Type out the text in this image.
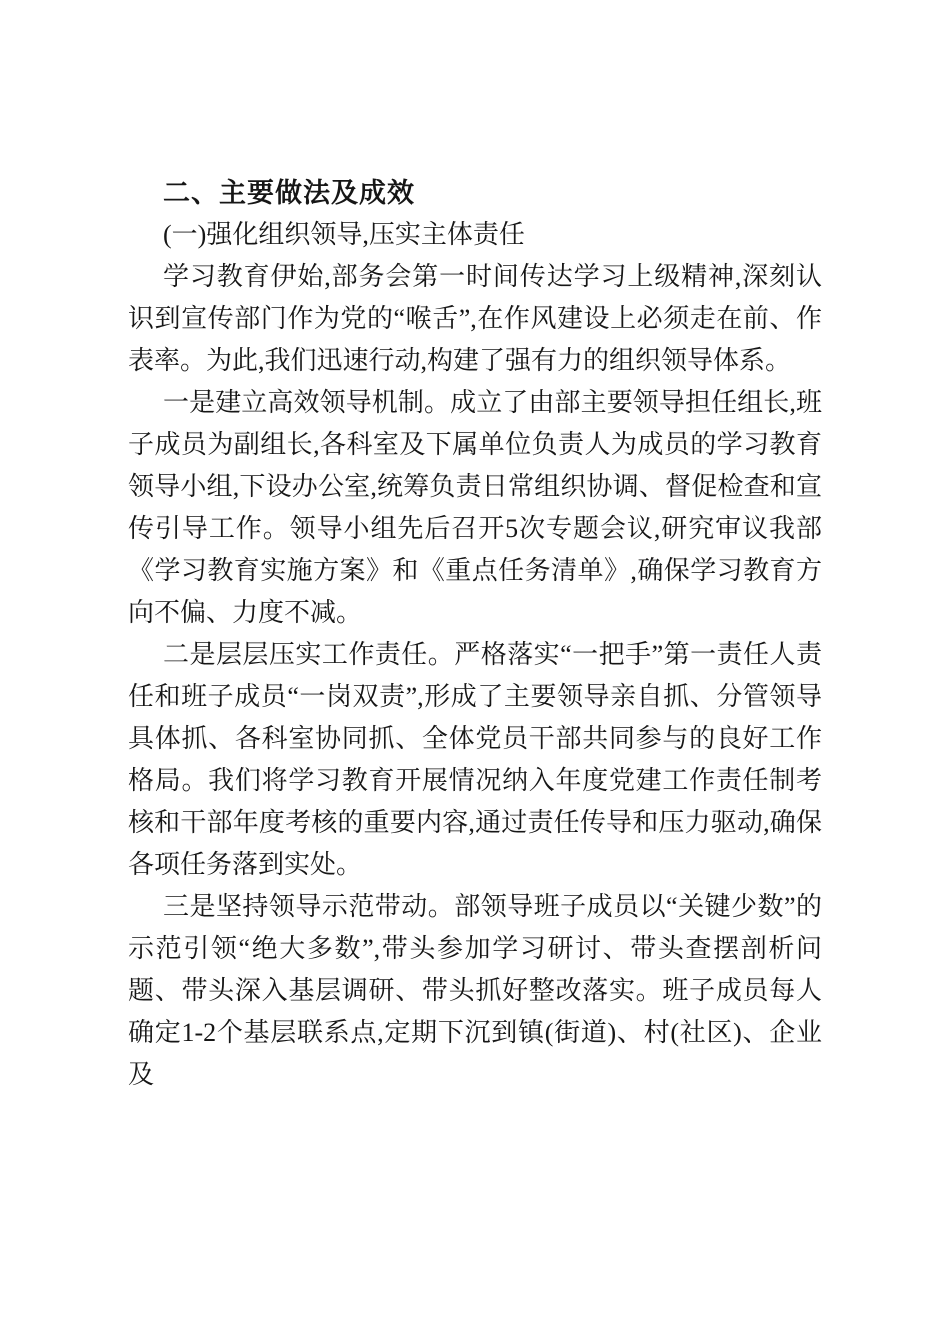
二、主要做法及成效
(一)强化组织领导,压实主体责任

学习教育伊始,部务会第一时间传达学习上级精神,深刻认识到宣传部门作为党的“喉舌”,在作风建设上必须走在前、作表率。为此,我们迅速行动,构建了强有力的组织领导体系。

一是建立高效领导机制。成立了由部主要领导担任组长,班子成员为副组长,各科室及下属单位负责人为成员的学习教育领导小组,下设办公室,统筹负责日常组织协调、督促检查和宣传引导工作。领导小组先后召开5次专题会议,研究审议我部《学习教育实施方案》和《重点任务清单》,确保学习教育方向不偏、力度不减。

二是层层压实工作责任。严格落实“一把手”第一责任人责任和班子成员“一岗双责”,形成了主要领导亲自抓、分管领导具体抓、各科室协同抓、全体党员干部共同参与的良好工作格局。我们将学习教育开展情况纳入年度党建工作责任制考核和干部年度考核的重要内容,通过责任传导和压力驱动,确保各项任务落到实处。

三是坚持领导示范带动。部领导班子成员以“关键少数”的示范引领“绝大多数”,带头参加学习研讨、带头查摆剖析问题、带头深入基层调研、带头抓好整改落实。班子成员每人确定1-2个基层联系点,定期下沉到镇(街道)、村(社区)、企业及
